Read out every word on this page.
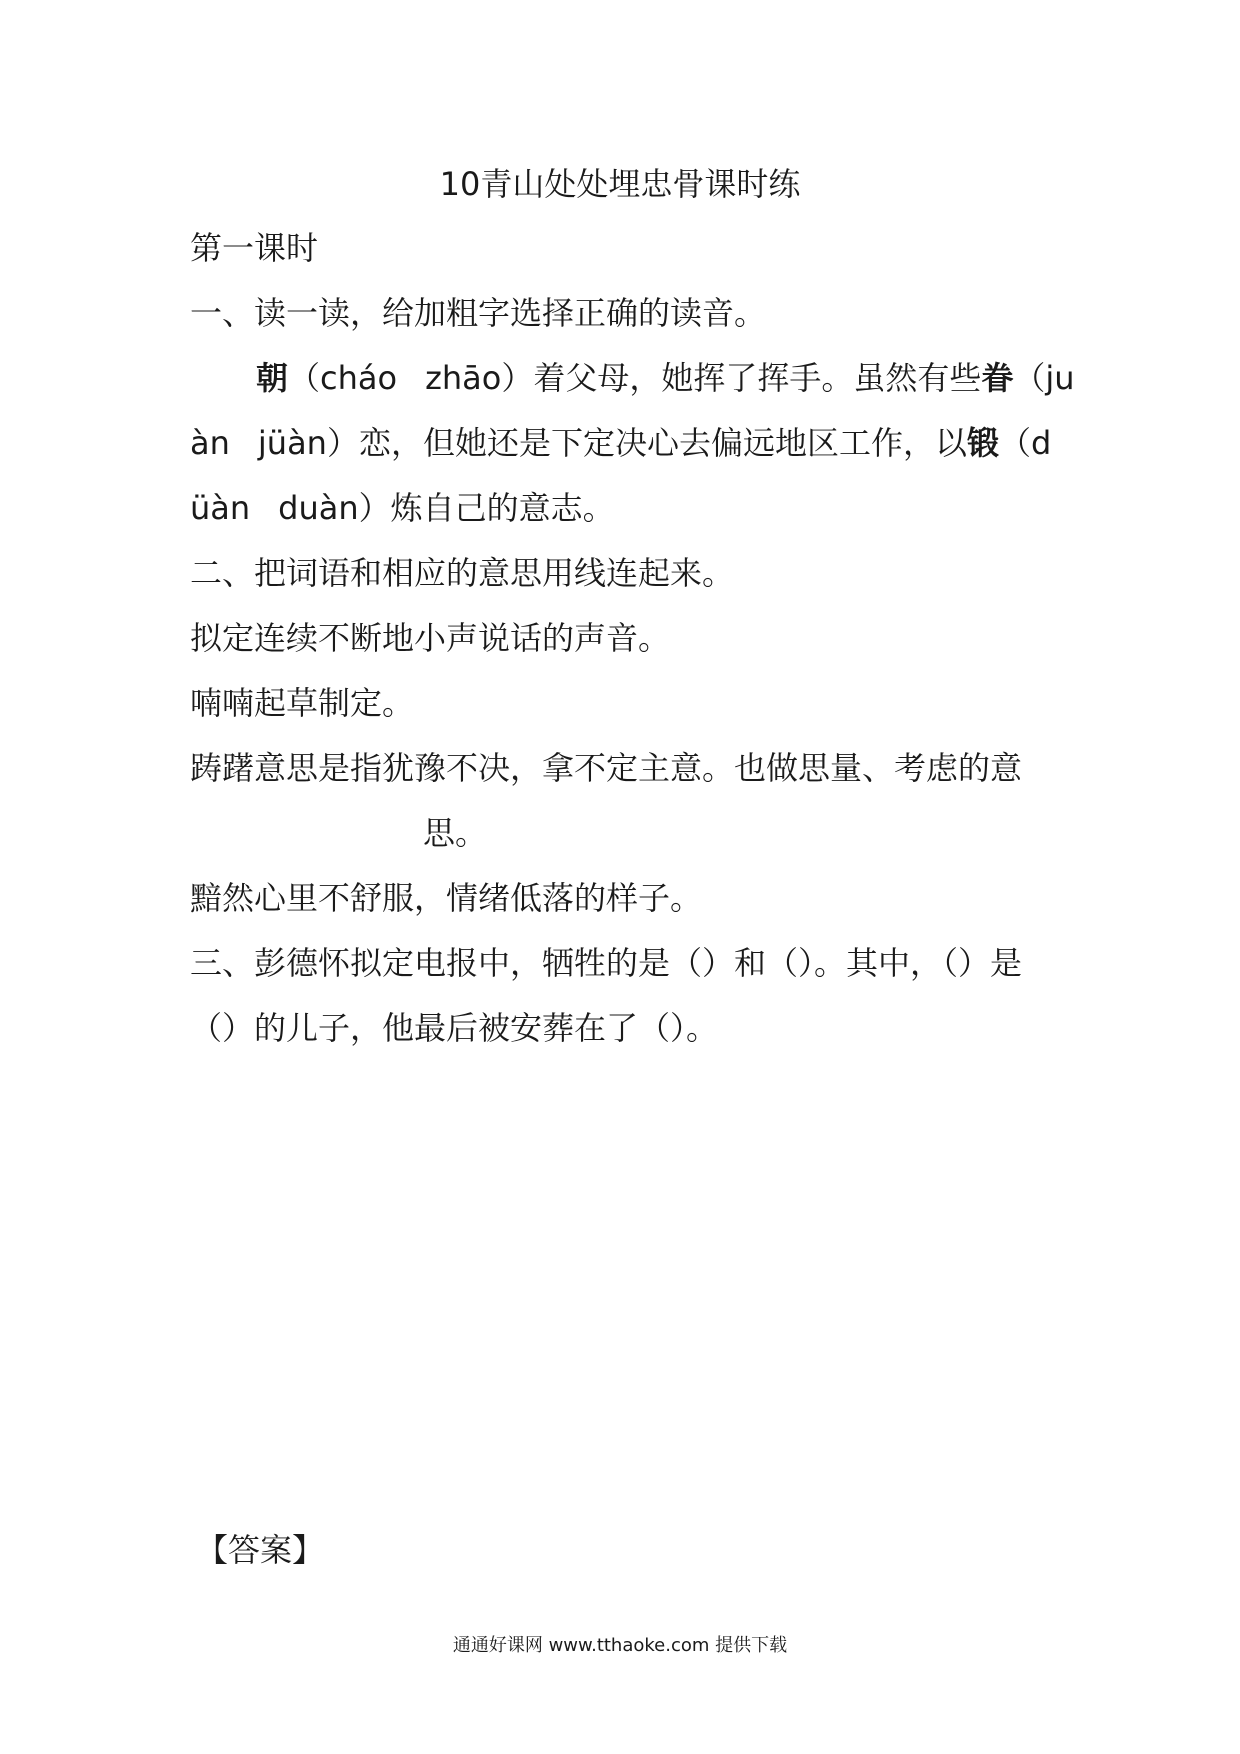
10青山处处埋忠骨课时练

第一课时

一、读一读，给加粗字选择正确的读音。

朝（cháo zhāo）着父母，她挥了挥手。虽然有些眷（ju

àn jüàn）恋，但她还是下定决心去偏远地区工作，以锻（d

üàn duàn）炼自己的意志。

二、把词语和相应的意思用线连起来。

拟定连续不断地小声说话的声音。

喃喃起草制定。

踌躇意思是指犹豫不决，拿不定主意。也做思量、考虑的意

思。

黯然心里不舒服，情绪低落的样子。

三、彭德怀拟定电报中，牺牲的是（）和（）。其中，（）是

（）的儿子，他最后被安葬在了（）。

【答案】

通通好课网 www.tthaoke.com 提供下载
